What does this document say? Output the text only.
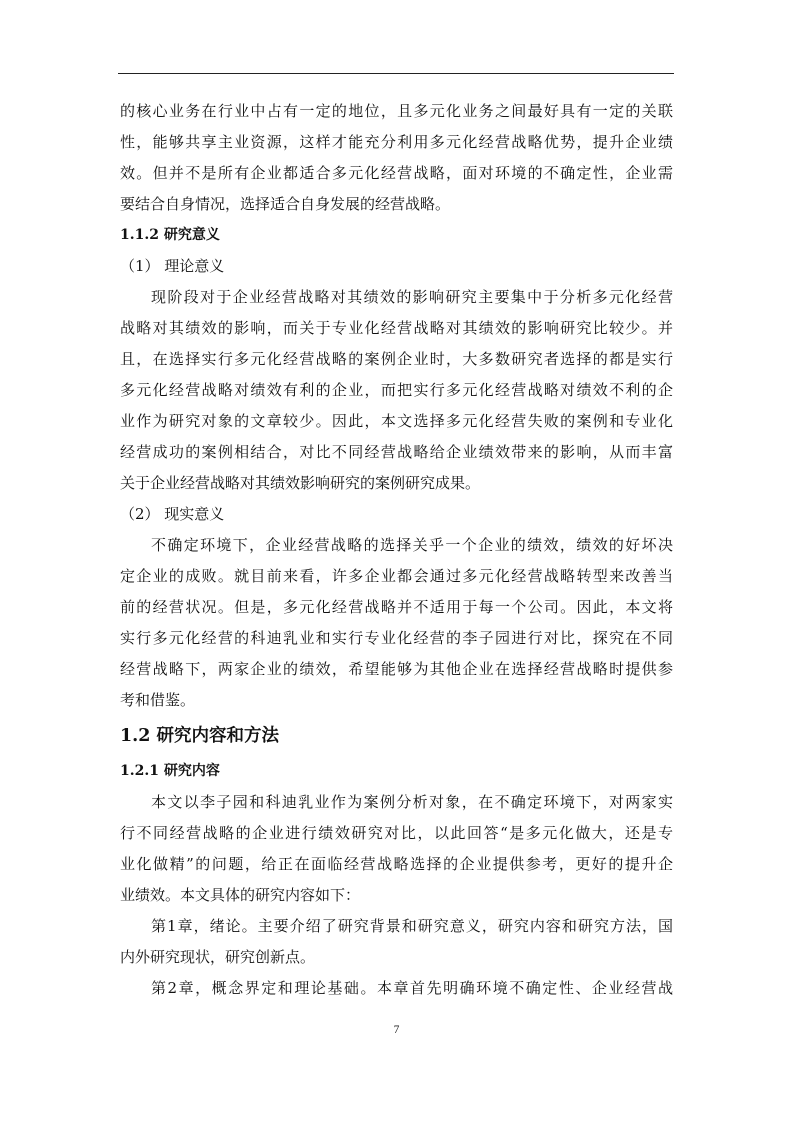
的核心业务在行业中占有一定的地位，且多元化业务之间最好具有一定的关联
性，能够共享主业资源，这样才能充分利用多元化经营战略优势，提升企业绩
效。但并不是所有企业都适合多元化经营战略，面对环境的不确定性，企业需
要结合自身情况，选择适合自身发展的经营战略。
1.1.2 研究意义
（1） 理论意义
现阶段对于企业经营战略对其绩效的影响研究主要集中于分析多元化经营
战略对其绩效的影响，而关于专业化经营战略对其绩效的影响研究比较少。并
且，在选择实行多元化经营战略的案例企业时，大多数研究者选择的都是实行
多元化经营战略对绩效有利的企业，而把实行多元化经营战略对绩效不利的企
业作为研究对象的文章较少。因此，本文选择多元化经营失败的案例和专业化
经营成功的案例相结合，对比不同经营战略给企业绩效带来的影响，从而丰富
关于企业经营战略对其绩效影响研究的案例研究成果。
（2） 现实意义
不确定环境下，企业经营战略的选择关乎一个企业的绩效，绩效的好坏决
定企业的成败。就目前来看，许多企业都会通过多元化经营战略转型来改善当
前的经营状况。但是，多元化经营战略并不适用于每一个公司。因此，本文将
实行多元化经营的科迪乳业和实行专业化经营的李子园进行对比，探究在不同
经营战略下，两家企业的绩效，希望能够为其他企业在选择经营战略时提供参
考和借鉴。
1.2 研究内容和方法
1.2.1 研究内容
本文以李子园和科迪乳业作为案例分析对象，在不确定环境下，对两家实
行不同经营战略的企业进行绩效研究对比，以此回答“是多元化做大，还是专
业化做精”的问题，给正在面临经营战略选择的企业提供参考，更好的提升企
业绩效。本文具体的研究内容如下：
第1章，绪论。主要介绍了研究背景和研究意义，研究内容和研究方法，国
内外研究现状，研究创新点。
第2章，概念界定和理论基础。本章首先明确环境不确定性、企业经营战
7
